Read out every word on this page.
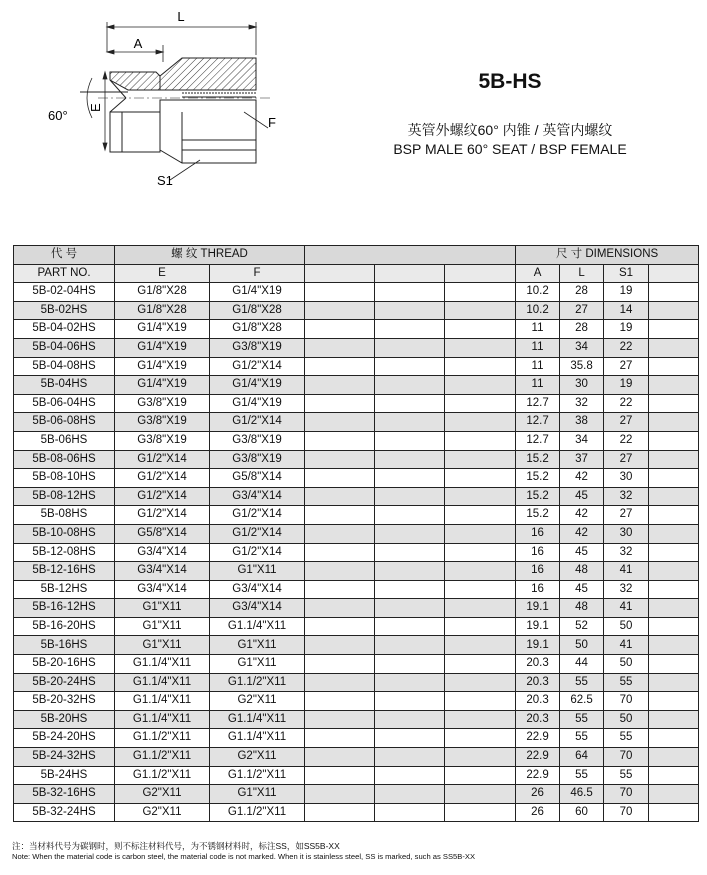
L
A
60°
E
F
S1
5B-HS
英管外螺纹60° 内锥 / 英管内螺纹
BSP MALE 60° SEAT / BSP FEMALE
代 号	螺 纹 THREAD					尺 寸 DIMENSIONS			
PART NO.	E	F				A	L	S1	
5B-02-04HS	G1/8"X28	G1/4"X19				10.2	28	19	
5B-02HS	G1/8"X28	G1/8"X28				10.2	27	14	
5B-04-02HS	G1/4"X19	G1/8"X28				11	28	19	
5B-04-06HS	G1/4"X19	G3/8"X19				11	34	22	
5B-04-08HS	G1/4"X19	G1/2"X14				11	35.8	27	
5B-04HS	G1/4"X19	G1/4"X19				11	30	19	
5B-06-04HS	G3/8"X19	G1/4"X19				12.7	32	22	
5B-06-08HS	G3/8"X19	G1/2"X14				12.7	38	27	
5B-06HS	G3/8"X19	G3/8"X19				12.7	34	22	
5B-08-06HS	G1/2"X14	G3/8"X19				15.2	37	27	
5B-08-10HS	G1/2"X14	G5/8"X14				15.2	42	30	
5B-08-12HS	G1/2"X14	G3/4"X14				15.2	45	32	
5B-08HS	G1/2"X14	G1/2"X14				15.2	42	27	
5B-10-08HS	G5/8"X14	G1/2"X14				16	42	30	
5B-12-08HS	G3/4"X14	G1/2"X14				16	45	32	
5B-12-16HS	G3/4"X14	G1"X11				16	48	41	
5B-12HS	G3/4"X14	G3/4"X14				16	45	32	
5B-16-12HS	G1"X11	G3/4"X14				19.1	48	41	
5B-16-20HS	G1"X11	G1.1/4"X11				19.1	52	50	
5B-16HS	G1"X11	G1"X11				19.1	50	41	
5B-20-16HS	G1.1/4"X11	G1"X11				20.3	44	50	
5B-20-24HS	G1.1/4"X11	G1.1/2"X11				20.3	55	55	
5B-20-32HS	G1.1/4"X11	G2"X11				20.3	62.5	70	
5B-20HS	G1.1/4"X11	G1.1/4"X11				20.3	55	50	
5B-24-20HS	G1.1/2"X11	G1.1/4"X11				22.9	55	55	
5B-24-32HS	G1.1/2"X11	G2"X11				22.9	64	70	
5B-24HS	G1.1/2"X11	G1.1/2"X11				22.9	55	55	
5B-32-16HS	G2"X11	G1"X11				26	46.5	70	
5B-32-24HS	G2"X11	G1.1/2"X11				26	60	70	
注：当材料代号为碳钢时，则不标注材料代号，为不锈钢材料时，标注SS，如SS5B-XX
Note: When the material code is carbon steel, the material code is not marked. When it is stainless steel, SS is marked, such as SS5B-XX
